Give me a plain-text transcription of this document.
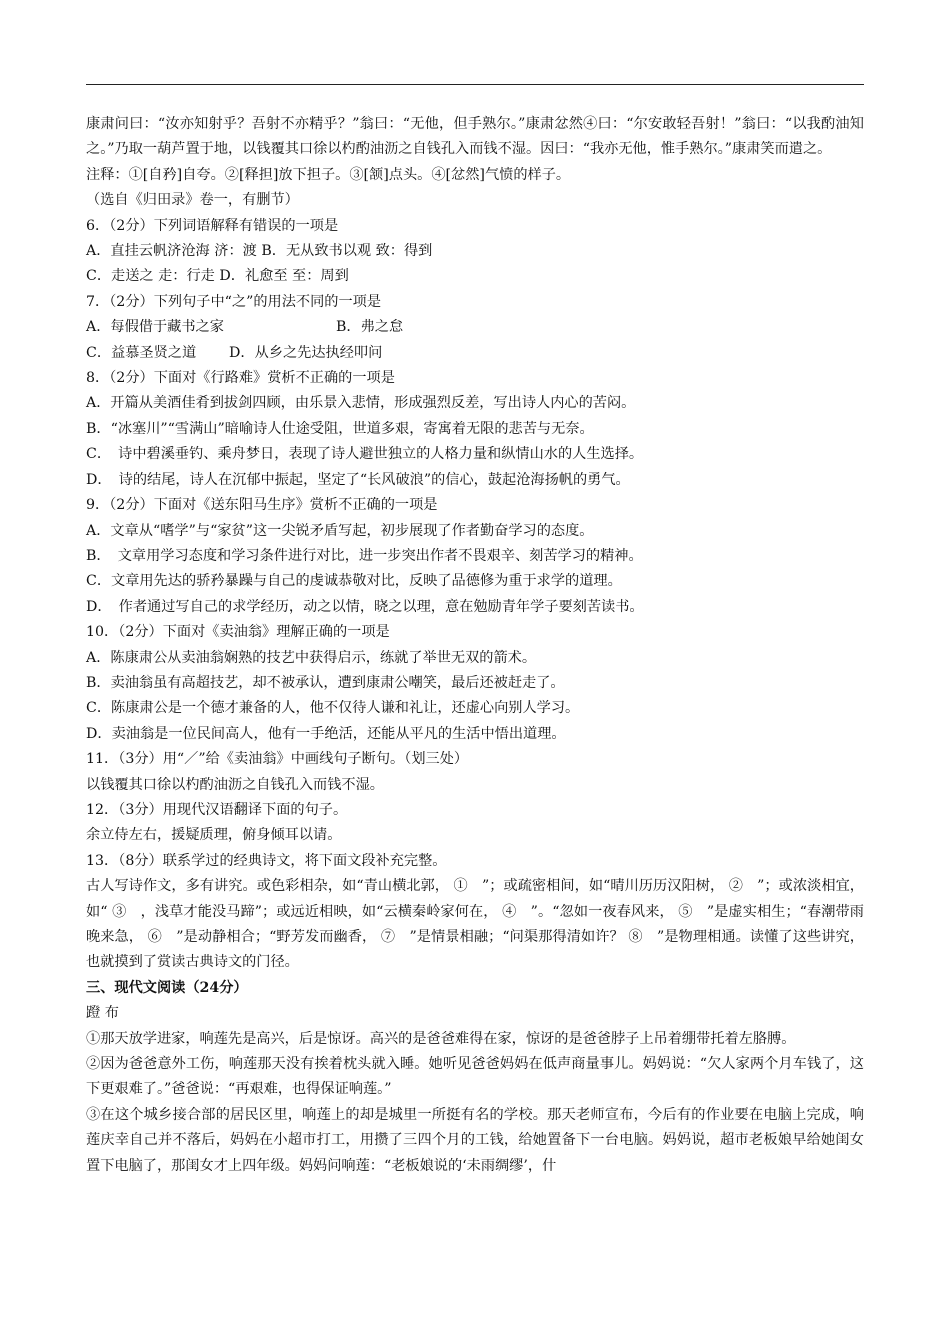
康肃问曰：“汝亦知射乎？吾射不亦精乎？”翁曰：“无他，但手熟尔。”康肃忿然④曰：“尔安敢轻吾射！”翁曰：“以我酌油知之。”乃取一葫芦置于地，以钱覆其口徐以杓酌油沥之自钱孔入而钱不湿。因曰：“我亦无他，惟手熟尔。”康肃笑而遣之。

注释：①[自矜]自夸。②[释担]放下担子。③[颔]点头。④[忿然]气愤的样子。

（选自《归田录》卷一，有删节）

6．（2分）下列词语解释有错误的一项是

A．直挂云帆济沧海 济：渡 B．无从致书以观 致：得到

C．走送之 走：行走 D．礼愈至 至：周到

7．（2分）下列句子中“之”的用法不同的一项是

A．每假借于藏书之家	B．弗之怠

C．益慕圣贤之道　　 D．从乡之先达执经叩问

8．（2分）下面对《行路难》赏析不正确的一项是

A．开篇从美酒佳肴到拔剑四顾，由乐景入悲情，形成强烈反差，写出诗人内心的苦闷。

B．“冰塞川”“雪满山”暗喻诗人仕途受阻，世道多艰，寄寓着无限的悲苦与无奈。

C．　诗中碧溪垂钓、乘舟梦日，表现了诗人避世独立的人格力量和纵情山水的人生选择。

D．　诗的结尾，诗人在沉郁中振起，坚定了“长风破浪”的信心，鼓起沧海扬帆的勇气。

9．（2分）下面对《送东阳马生序》赏析不正确的一项是

A．文章从“嗜学”与“家贫”这一尖锐矛盾写起，初步展现了作者勤奋学习的态度。

B．　文章用学习态度和学习条件进行对比，进一步突出作者不畏艰辛、刻苦学习的精神。

C．文章用先达的骄矜暴躁与自己的虔诚恭敬对比，反映了品德修为重于求学的道理。

D．　作者通过写自己的求学经历，动之以情，晓之以理，意在勉励青年学子要刻苦读书。

10．（2分）下面对《卖油翁》理解正确的一项是

A．陈康肃公从卖油翁娴熟的技艺中获得启示，练就了举世无双的箭术。

B．卖油翁虽有高超技艺，却不被承认，遭到康肃公嘲笑，最后还被赶走了。

C．陈康肃公是一个德才兼备的人，他不仅待人谦和礼让，还虚心向别人学习。

D．卖油翁是一位民间高人，他有一手绝活，还能从平凡的生活中悟出道理。

11．（3分）用“／”给《卖油翁》中画线句子断句。（划三处）

以钱覆其口徐以杓酌油沥之自钱孔入而钱不湿。

12．（3分）用现代汉语翻译下面的句子。

余立侍左右，援疑质理，俯身倾耳以请。

13．（8分）联系学过的经典诗文，将下面文段补充完整。

古人写诗作文，多有讲究。或色彩相杂，如“青山横北郭， ①　”；或疏密相间，如“晴川历历汉阳树， ②　”；或浓淡相宜，如“ ③　，浅草才能没马蹄”；或远近相映，如“云横秦岭家何在， ④　”。“忽如一夜春风来， ⑤　”是虚实相生；“春潮带雨晚来急， ⑥　”是动静相合；“野芳发而幽香， ⑦　”是情景相融；“问渠那得清如许？ ⑧　”是物理相通。读懂了这些讲究，也就摸到了赏读古典诗文的门径。

三、现代文阅读（24分）

蹬 布

①那天放学进家，响莲先是高兴，后是惊讶。高兴的是爸爸难得在家，惊讶的是爸爸脖子上吊着绷带托着左胳膊。

②因为爸爸意外工伤，响莲那天没有挨着枕头就入睡。她听见爸爸妈妈在低声商量事儿。妈妈说：“欠人家两个月车钱了，这下更艰难了。”爸爸说：“再艰难，也得保证响莲。”

③在这个城乡接合部的居民区里，响莲上的却是城里一所挺有名的学校。那天老师宣布，今后有的作业要在电脑上完成，响莲庆幸自己并不落后，妈妈在小超市打工，用攒了三四个月的工钱，给她置备下一台电脑。妈妈说，超市老板娘早给她闺女置下电脑了，那闺女才上四年级。妈妈问响莲：“老板娘说的‘未雨绸缪’，什
